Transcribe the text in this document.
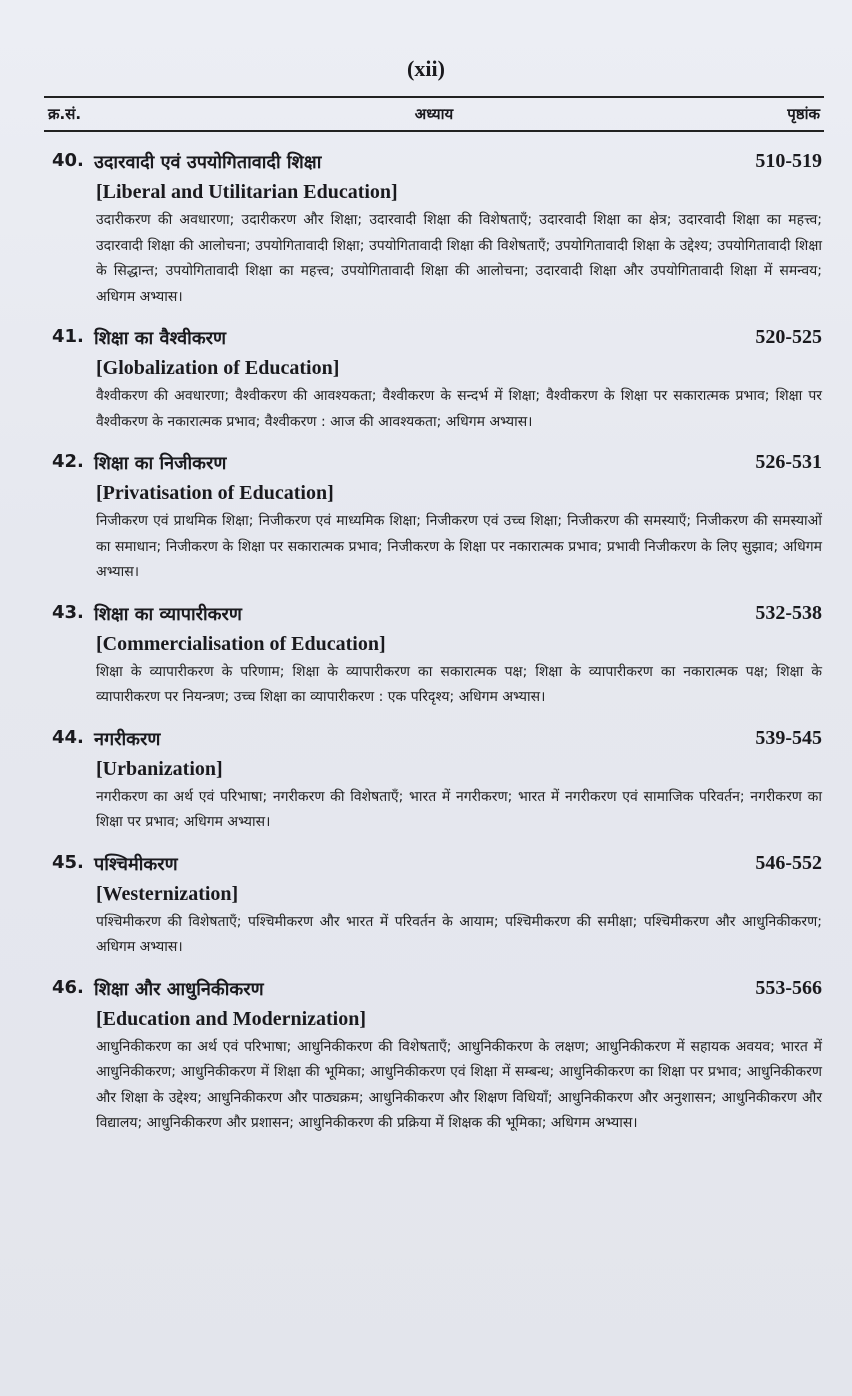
(xii)
क्र.सं.	अध्याय	पृष्ठांक
40. उदारवादी एवं उपयोगितावादी शिक्षा	510-519
[Liberal and Utilitarian Education]
उदारीकरण की अवधारणा; उदारीकरण और शिक्षा; उदारवादी शिक्षा की विशेषताएँ; उदारवादी शिक्षा का क्षेत्र; उदारवादी शिक्षा का महत्त्व; उदारवादी शिक्षा की आलोचना; उपयोगितावादी शिक्षा; उपयोगितावादी शिक्षा की विशेषताएँ; उपयोगितावादी शिक्षा के उद्देश्य; उपयोगितावादी शिक्षा के सिद्धान्त; उपयोगितावादी शिक्षा का महत्त्व; उपयोगितावादी शिक्षा की आलोचना; उदारवादी शिक्षा और उपयोगितावादी शिक्षा में समन्वय; अधिगम अभ्यास।
41. शिक्षा का वैश्वीकरण	520-525
[Globalization of Education]
वैश्वीकरण की अवधारणा; वैश्वीकरण की आवश्यकता; वैश्वीकरण के सन्दर्भ में शिक्षा; वैश्वीकरण के शिक्षा पर सकारात्मक प्रभाव; शिक्षा पर वैश्वीकरण के नकारात्मक प्रभाव; वैश्वीकरण : आज की आवश्यकता; अधिगम अभ्यास।
42. शिक्षा का निजीकरण	526-531
[Privatisation of Education]
निजीकरण एवं प्राथमिक शिक्षा; निजीकरण एवं माध्यमिक शिक्षा; निजीकरण एवं उच्च शिक्षा; निजीकरण की समस्याएँ; निजीकरण की समस्याओं का समाधान; निजीकरण के शिक्षा पर सकारात्मक प्रभाव; निजीकरण के शिक्षा पर नकारात्मक प्रभाव; प्रभावी निजीकरण के लिए सुझाव; अधिगम अभ्यास।
43. शिक्षा का व्यापारीकरण	532-538
[Commercialisation of Education]
शिक्षा के व्यापारीकरण के परिणाम; शिक्षा के व्यापारीकरण का सकारात्मक पक्ष; शिक्षा के व्यापारीकरण का नकारात्मक पक्ष; शिक्षा के व्यापारीकरण पर नियन्त्रण; उच्च शिक्षा का व्यापारीकरण : एक परिदृश्य; अधिगम अभ्यास।
44. नगरीकरण	539-545
[Urbanization]
नगरीकरण का अर्थ एवं परिभाषा; नगरीकरण की विशेषताएँ; भारत में नगरीकरण; भारत में नगरीकरण एवं सामाजिक परिवर्तन; नगरीकरण का शिक्षा पर प्रभाव; अधिगम अभ्यास।
45. पश्चिमीकरण	546-552
[Westernization]
पश्चिमीकरण की विशेषताएँ; पश्चिमीकरण और भारत में परिवर्तन के आयाम; पश्चिमीकरण की समीक्षा; पश्चिमीकरण और आधुनिकीकरण; अधिगम अभ्यास।
46. शिक्षा और आधुनिकीकरण	553-566
[Education and Modernization]
आधुनिकीकरण का अर्थ एवं परिभाषा; आधुनिकीकरण की विशेषताएँ; आधुनिकीकरण के लक्षण; आधुनिकीकरण में सहायक अवयव; भारत में आधुनिकीकरण; आधुनिकीकरण में शिक्षा की भूमिका; आधुनिकीकरण एवं शिक्षा में सम्बन्ध; आधुनिकीकरण का शिक्षा पर प्रभाव; आधुनिकीकरण और शिक्षा के उद्देश्य; आधुनिकीकरण और पाठ्यक्रम; आधुनिकीकरण और शिक्षण विधियाँ; आधुनिकीकरण और अनुशासन; आधुनिकीकरण और विद्यालय; आधुनिकीकरण और प्रशासन; आधुनिकीकरण की प्रक्रिया में शिक्षक की भूमिका; अधिगम अभ्यास।
